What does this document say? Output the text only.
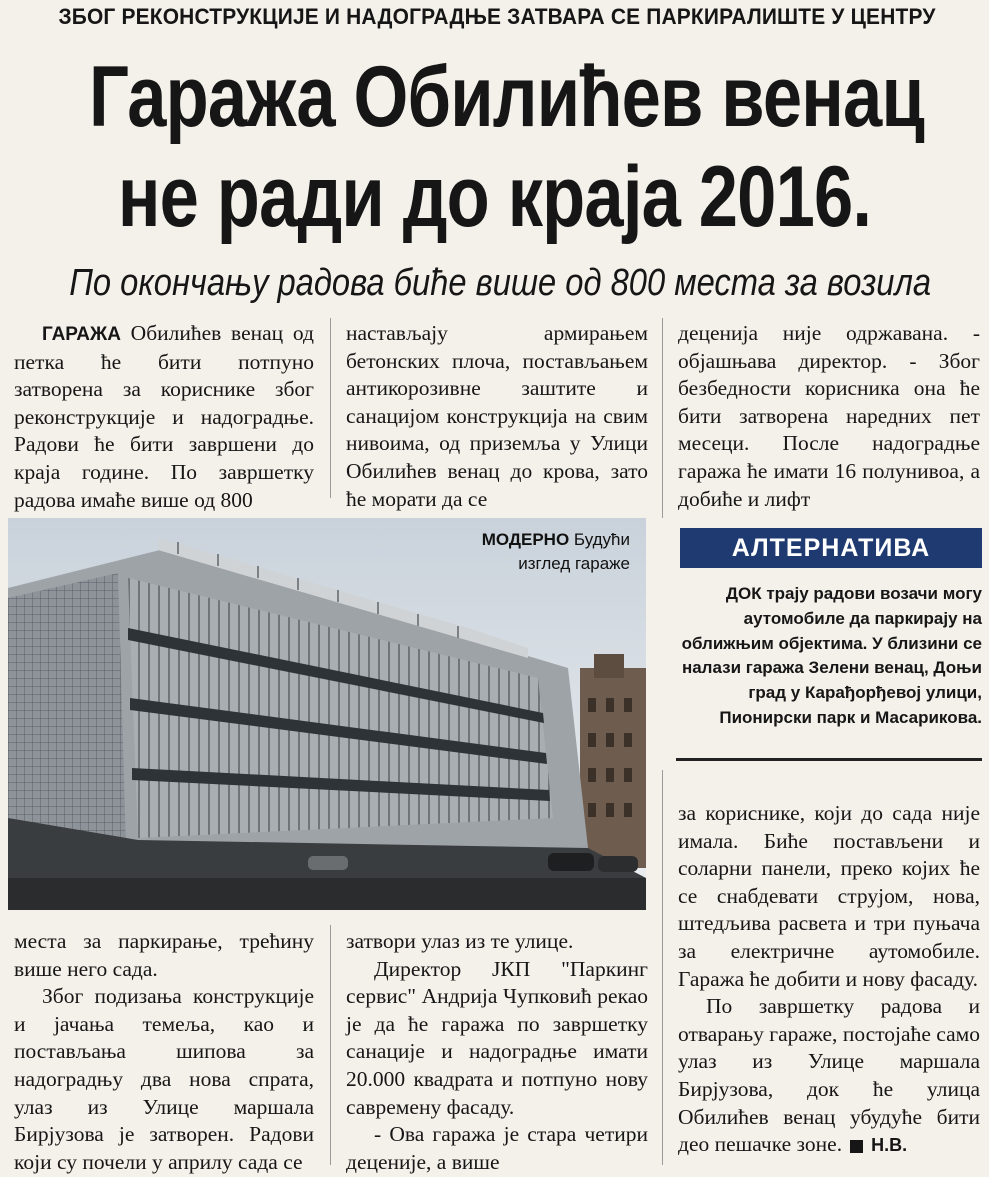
ЗБОГ РЕКОНСТРУКЦИЈЕ И НАДОГРАДЊЕ ЗАТВАРА СЕ ПАРКИРАЛИШТЕ У ЦЕНТРУ
Гаража Обилићев венац
не ради до краја 2016.
По окончању радова биће више од 800 места за возила

ГАРАЖА Обилићев венац од петка ће бити потпуно затворена за кориснике због реконструкције и надоградње. Радови ће бити завршени до краја године. По завршетку радова имаће више од 800

настављају армирањем бетонских плоча, постављањем антикорозивне заштите и санацијом конструкција на свим нивоима, од приземља у Улици Обилићев венац до крова, зато ће морати да се

деценија није одржавана. - објашњава директор. - Због безбедности корисника она ће бити затворена наредних пет месеци. После надоградње гаража ће имати 16 полунивоа, а добиће и лифт

МОДЕРНО Будући
изглед гараже
АЛТЕРНАТИВА
ДОК трају радови возачи могу аутомобиле да паркирају на оближњим објектима. У близини се налази гаража Зелени венац, Доњи град у Карађорђевој улици, Пионирски парк и Масарикова.

места за паркирање, трећину више него сада.

Због подизања конструкције и јачања темеља, као и постављања шипова за надоградњу два нова спрата, улаз из Улице маршала Бирјузова је затворен. Радови који су почели у априлу сада се

затвори улаз из те улице.

Директор ЈКП "Паркинг сервис" Андрија Чупковић рекао је да ће гаража по завршетку санације и надоградње имати 20.000 квадрата и потпуно нову савремену фасаду.

- Ова гаража је стара четири деценије, а више

за кориснике, који до сада није имала. Биће постављени и соларни панели, преко којих ће се снабдевати струјом, нова, штедљива расвета и три пуњача за електричне аутомобиле. Гаража ће добити и нову фасаду.

По завршетку радова и отварању гараже, постојаће само улаз из Улице маршала Бирјузова, док ће улица Обилићев венац убудуће бити део пешачке зоне. Н.В.
